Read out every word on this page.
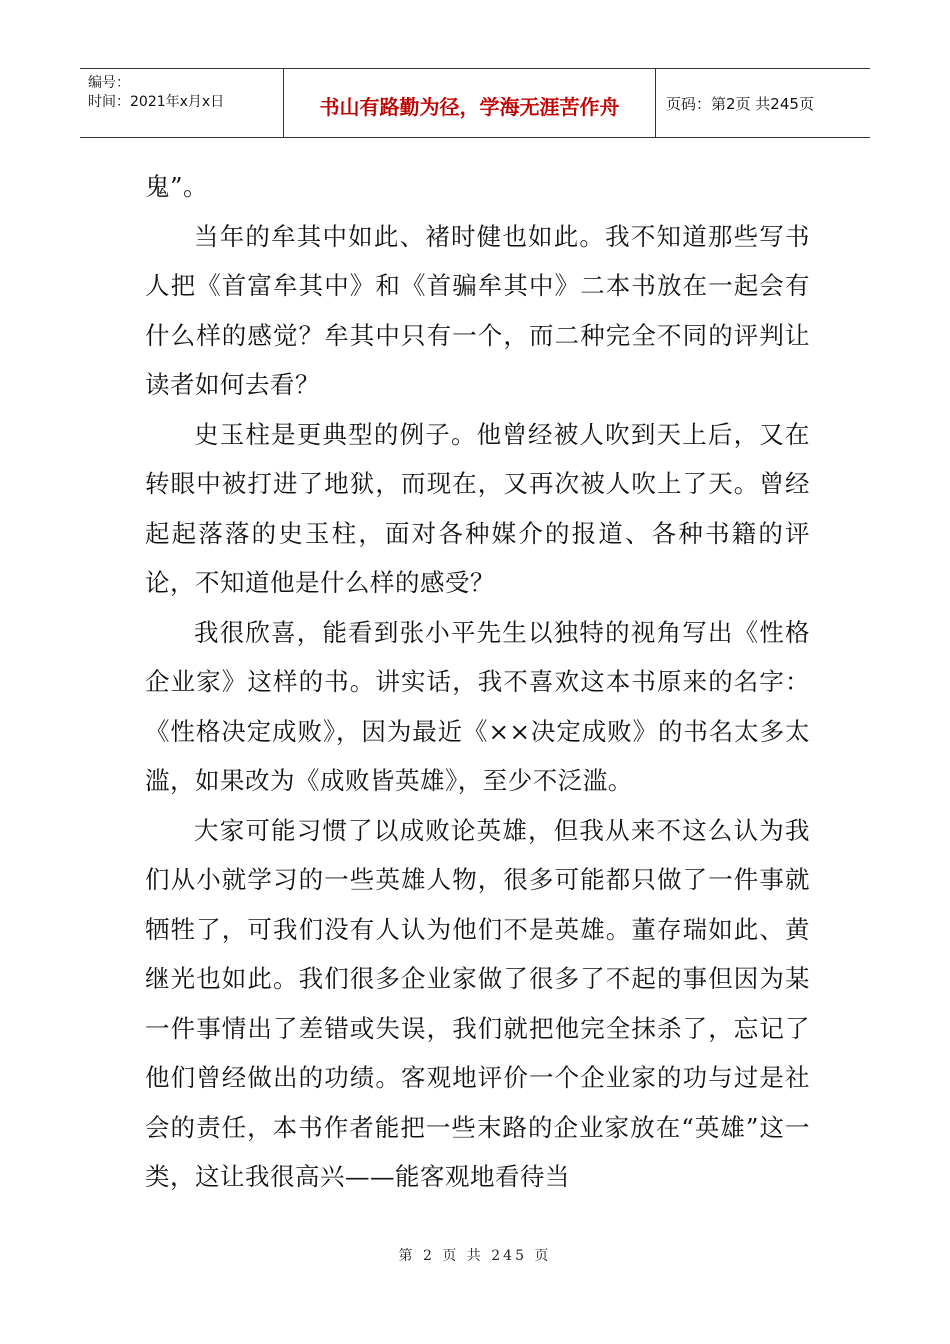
编号：
时间：2021年x月x日	书山有路勤为径，学海无涯苦作舟	页码：第2页 共245页

鬼”。

当年的牟其中如此、褚时健也如此。我不知道那些写书人把《首富牟其中》和《首骗牟其中》二本书放在一起会有什么样的感觉？牟其中只有一个，而二种完全不同的评判让读者如何去看？

史玉柱是更典型的例子。他曾经被人吹到天上后，又在转眼中被打进了地狱，而现在，又再次被人吹上了天。曾经起起落落的史玉柱，面对各种媒介的报道、各种书籍的评论，不知道他是什么样的感受？

我很欣喜，能看到张小平先生以独特的视角写出《性格企业家》这样的书。讲实话，我不喜欢这本书原来的名字：《性格决定成败》，因为最近《××决定成败》的书名太多太滥，如果改为《成败皆英雄》，至少不泛滥。

大家可能习惯了以成败论英雄，但我从来不这么认为我们从小就学习的一些英雄人物，很多可能都只做了一件事就牺牲了，可我们没有人认为他们不是英雄。董存瑞如此、黄继光也如此。我们很多企业家做了很多了不起的事但因为某一件事情出了差错或失误，我们就把他完全抹杀了，忘记了他们曾经做出的功绩。客观地评价一个企业家的功与过是社会的责任，本书作者能把一些末路的企业家放在“英雄”这一类，这让我很高兴——能客观地看待当

第 2 页 共 245 页
